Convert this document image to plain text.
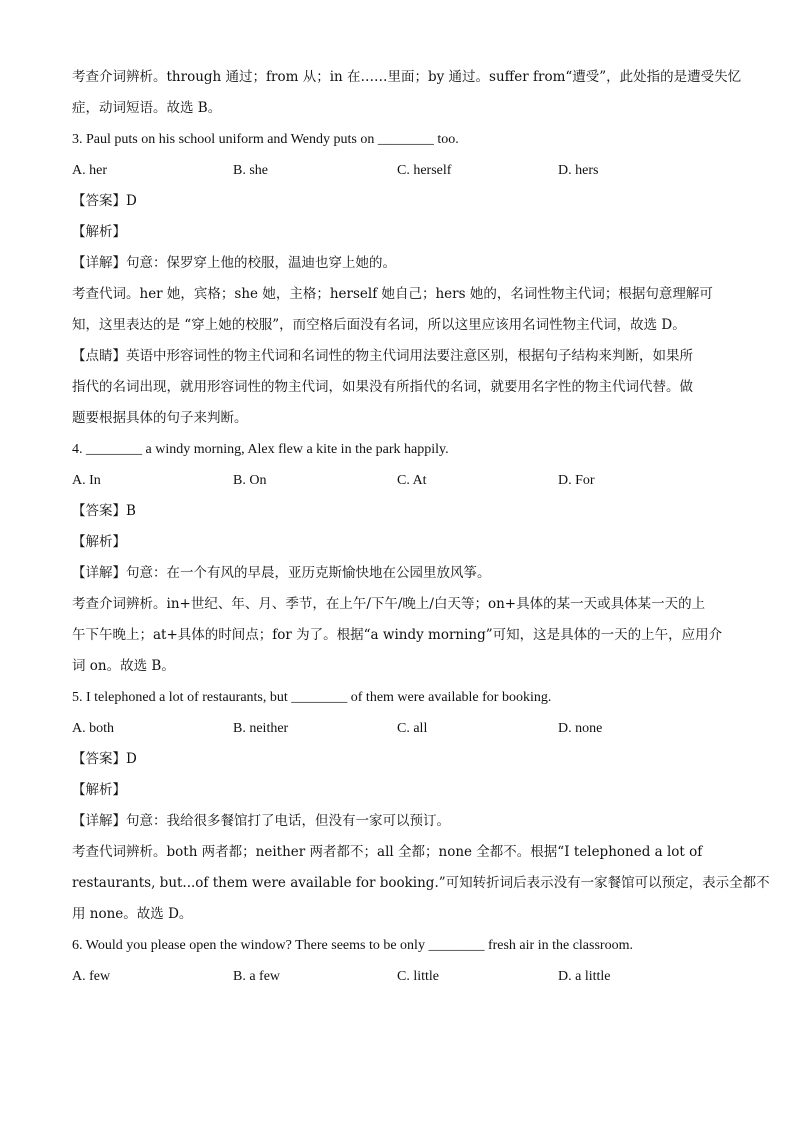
考查介词辨析。through 通过；from 从；in 在……里面；by 通过。suffer from“遭受”，此处指的是遭受失忆
症，动词短语。故选 B。
3. Paul puts on his school uniform and Wendy puts on ________ too.
A. her	B. she	C. herself	D. hers
【答案】D
【解析】
【详解】句意：保罗穿上他的校服，温迪也穿上她的。
考查代词。her 她，宾格；she 她，主格；herself 她自己；hers 她的，名词性物主代词；根据句意理解可
知，这里表达的是 “穿上她的校服”，而空格后面没有名词，所以这里应该用名词性物主代词，故选 D。
【点睛】英语中形容词性的物主代词和名词性的物主代词用法要注意区别，根据句子结构来判断，如果所
指代的名词出现，就用形容词性的物主代词，如果没有所指代的名词，就要用名字性的物主代词代替。做
题要根据具体的句子来判断。
4. ________ a windy morning, Alex flew a kite in the park happily.
A. In	B. On	C. At	D. For
【答案】B
【解析】
【详解】句意：在一个有风的早晨，亚历克斯愉快地在公园里放风筝。
考查介词辨析。in+世纪、年、月、季节，在上午/下午/晚上/白天等；on+具体的某一天或具体某一天的上
午下午晚上；at+具体的时间点；for 为了。根据“a windy morning”可知，这是具体的一天的上午，应用介
词 on。故选 B。
5. I telephoned a lot of restaurants, but ________ of them were available for booking.
A. both	B. neither	C. all	D. none
【答案】D
【解析】
【详解】句意：我给很多餐馆打了电话，但没有一家可以预订。
考查代词辨析。both 两者都；neither 两者都不；all 全都；none 全都不。根据“I telephoned a lot of
restaurants, but...of them were available for booking.”可知转折词后表示没有一家餐馆可以预定，表示全都不
用 none。故选 D。
6. Would you please open the window? There seems to be only ________ fresh air in the classroom.
A. few	B. a few	C. little	D. a little
